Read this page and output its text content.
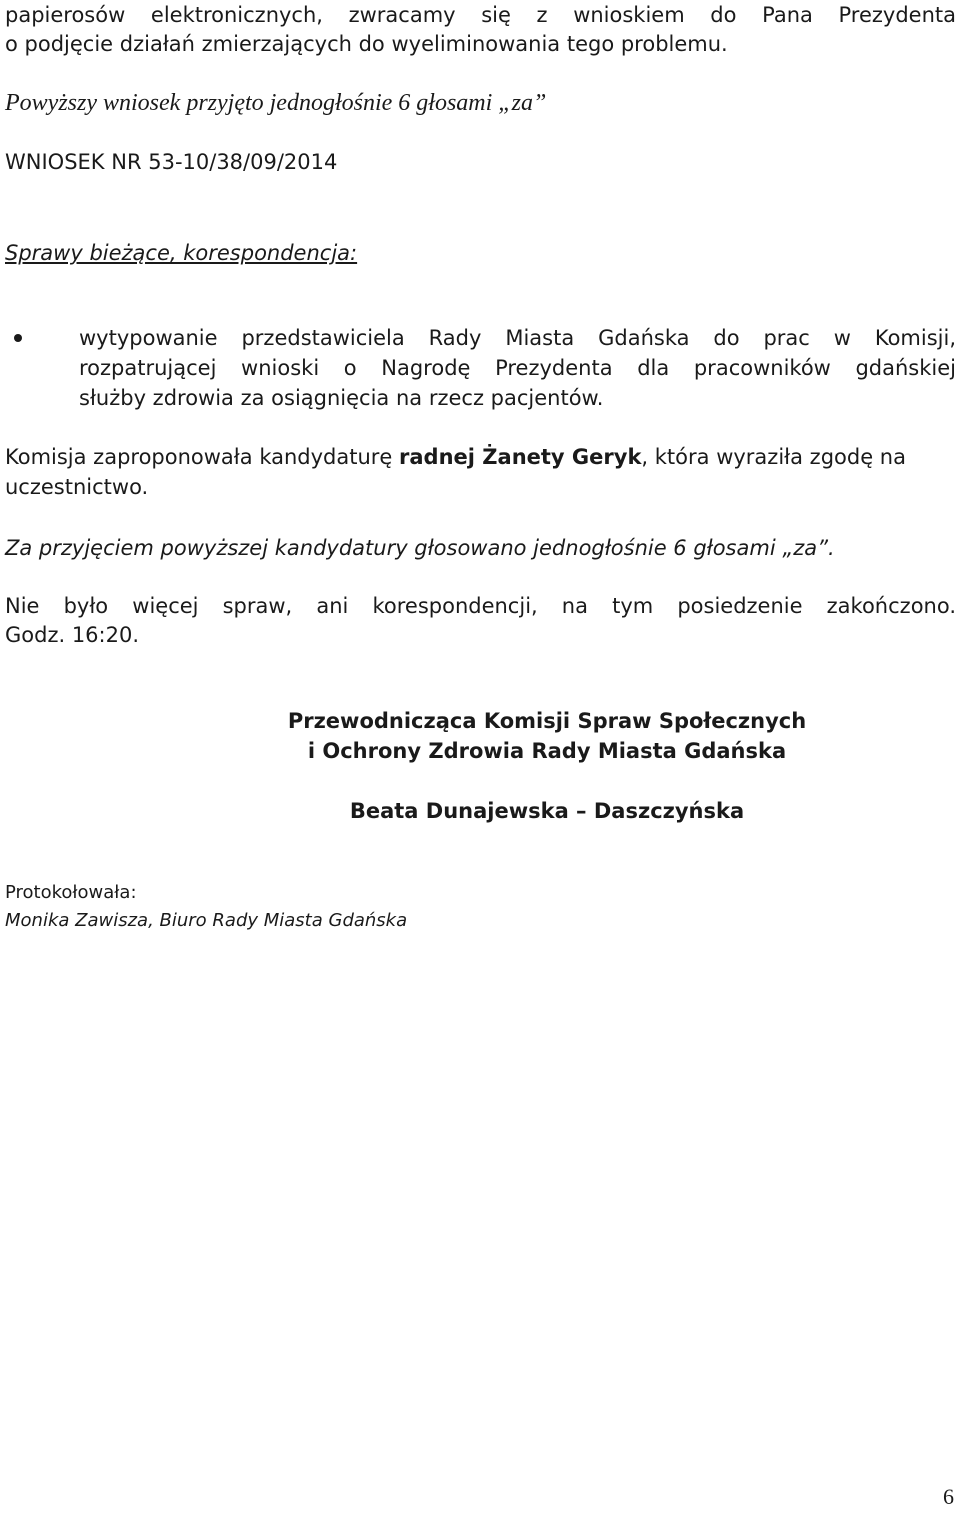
papierosów elektronicznych, zwracamy się z wnioskiem do Pana Prezydenta
o podjęcie działań zmierzających do wyeliminowania tego problemu.
Powyższy wniosek przyjęto jednogłośnie 6 głosami „za”
WNIOSEK NR 53-10/38/09/2014
Sprawy bieżące, korespondencja:
wytypowanie przedstawiciela Rady Miasta Gdańska do prac w Komisji,
rozpatrującej wnioski o Nagrodę Prezydenta dla pracowników gdańskiej
służby zdrowia za osiągnięcia na rzecz pacjentów.
Komisja zaproponowała kandydaturę radnej Żanety Geryk, która wyraziła zgodę na
uczestnictwo.
Za przyjęciem powyższej kandydatury głosowano jednogłośnie 6 głosami „za”.
Nie było więcej spraw, ani korespondencji, na tym posiedzenie zakończono.
Godz. 16:20.
Przewodnicząca Komisji Spraw Społecznych
i Ochrony Zdrowia Rady Miasta Gdańska
Beata Dunajewska – Daszczyńska
Protokołowała:
Monika Zawisza, Biuro Rady Miasta Gdańska
6
